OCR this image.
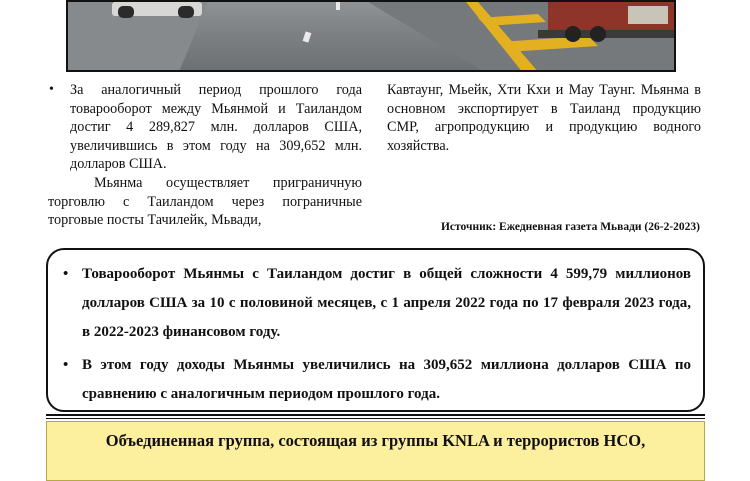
• За аналогичный период прошлого года товарооборот между Мьянмой и Таиландом достиг 4 289,827 млн. долларов США, увеличившись в этом году на 309,652 млн. долларов США.

Мьянма осуществляет приграничную торговлю с Таиландом через пограничные торговые посты Тачилейк, Мьвади,

Кавтаунг, Мьейк, Хти Кхи и Мау Таунг. Мьянма в основном экспортирует в Таиланд продукцию CMP, агропродукцию и продукцию водного хозяйства.

Источник: Ежедневная газета Мьвади (26-2-2023)
• Товарооборот Мьянмы с Таиландом достиг в общей сложности 4 599,79 миллионов долларов США за 10 с половиной месяцев, с 1 апреля 2022 года по 17 февраля 2023 года, в 2022-2023 финансовом году.
• В этом году доходы Мьянмы увеличились на 309,652 миллиона долларов США по сравнению с аналогичным периодом прошлого года.
Объединенная группа, состоящая из группы KNLA и террористов НСО,
